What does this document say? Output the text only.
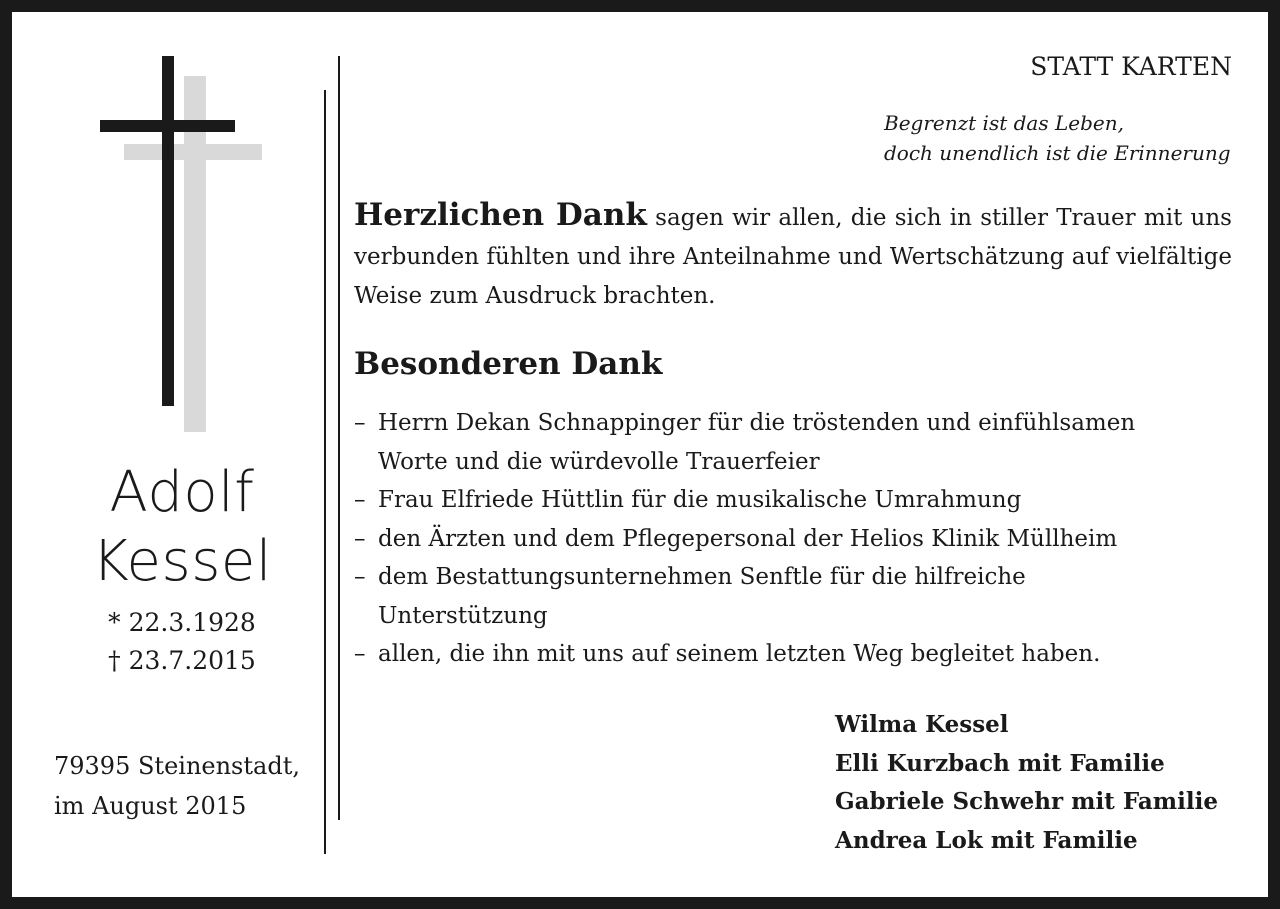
Adolf
Kessel
* 22.3.1928
† 23.7.2015
79395 Steinenstadt,
im August 2015
STATT KARTEN
Begrenzt ist das Leben,
doch unendlich ist die Erinnerung
Herzlichen Dank sagen wir allen, die sich in stiller Trauer mit uns verbunden fühlten und ihre Anteilnahme und Wertschätzung auf vielfältige Weise zum Ausdruck brachten.
Besonderen Dank
– Herrn Dekan Schnappinger für die tröstenden und einfühlsamen
Worte und die würdevolle Trauerfeier
– Frau Elfriede Hüttlin für die musikalische Umrahmung
– den Ärzten und dem Pflegepersonal der Helios Klinik Müllheim
– dem Bestattungsunternehmen Senftle für die hilfreiche
Unterstützung
– allen, die ihn mit uns auf seinem letzten Weg begleitet haben.
Wilma Kessel
Elli Kurzbach mit Familie
Gabriele Schwehr mit Familie
Andrea Lok mit Familie
